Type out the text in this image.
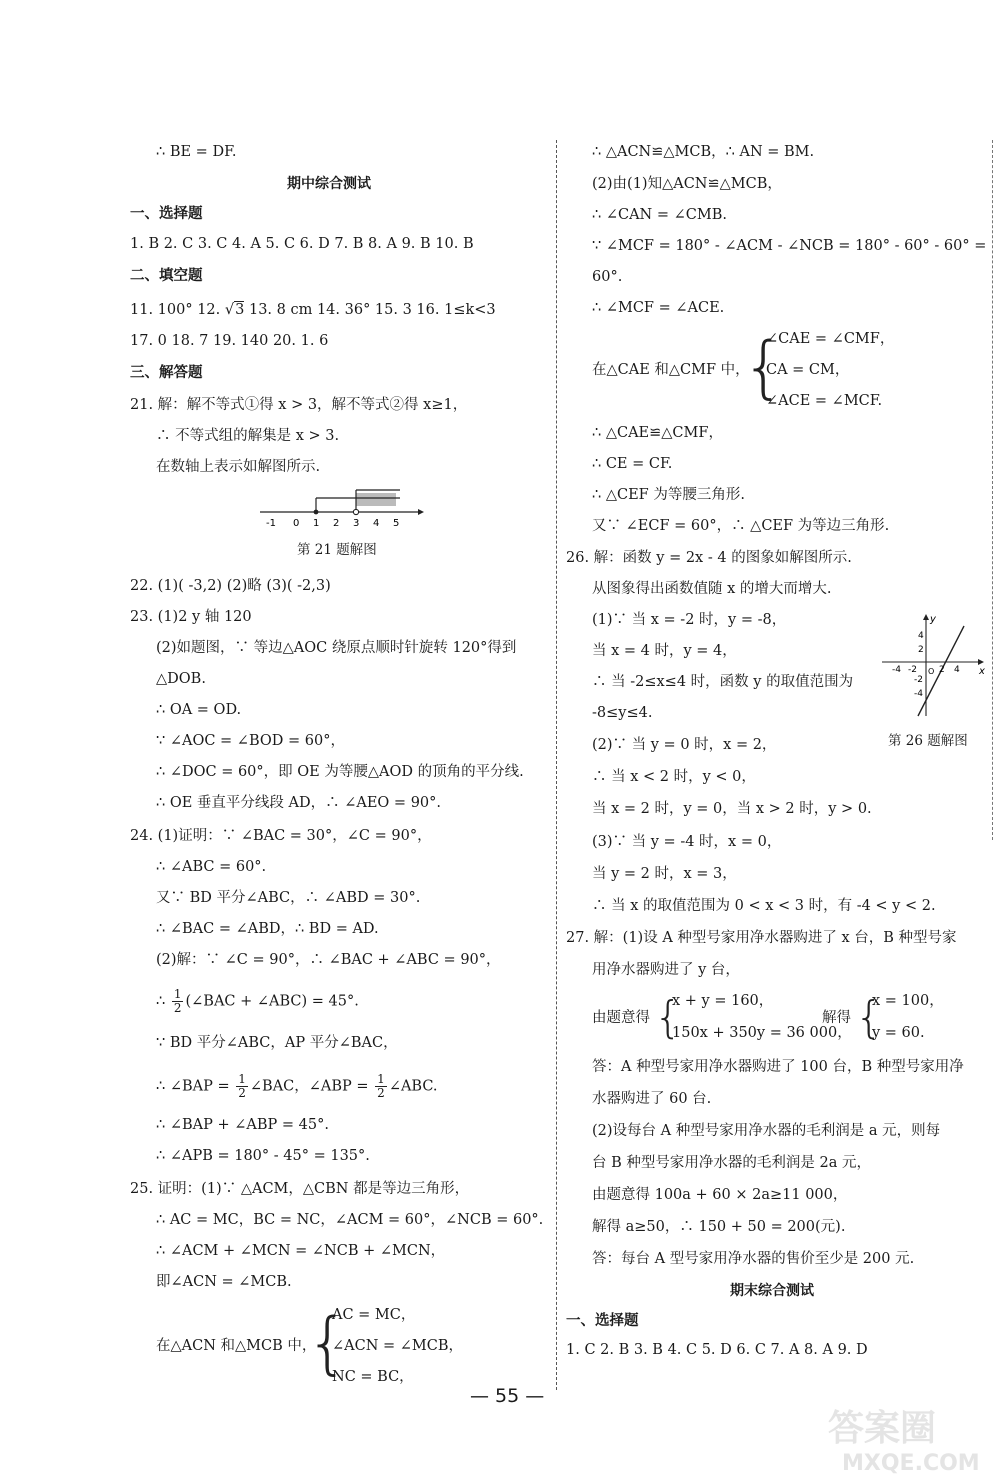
∴ BE = DF.
期中综合测试
一、选择题
1. B 2. C 3. C 4. A 5. C 6. D 7. B 8. A 9. B 10. B
二、填空题
11. 100° 12. √3 13. 8 cm 14. 36° 15. 3 16. 1≤k<3
17. 0 18. 7 19. 140 20. 1. 6
三、解答题
21. 解：解不等式①得 x > 3，解不等式②得 x≥1，
∴ 不等式组的解集是 x > 3.
在数轴上表示如解图所示.
-1 0 1 2 3 4 5
第 21 题解图
22. (1)( -3,2) (2)略 (3)( -2,3)
23. (1)2 y 轴 120
(2)如题图，∵ 等边△AOC 绕原点顺时针旋转 120°得到
△DOB.
∴ OA = OD.
∵ ∠AOC = ∠BOD = 60°，
∴ ∠DOC = 60°，即 OE 为等腰△AOD 的顶角的平分线.
∴ OE 垂直平分线段 AD，∴ ∠AEO = 90°.
24. (1)证明：∵ ∠BAC = 30°，∠C = 90°，
∴ ∠ABC = 60°.
又∵ BD 平分∠ABC，∴ ∠ABD = 30°.
∴ ∠BAC = ∠ABD，∴ BD = AD.
(2)解：∵ ∠C = 90°，∴ ∠BAC + ∠ABC = 90°，
∴ $\frac{1}{2}$ (∠BAC + ∠ABC) = 45°.
∵ BD 平分∠ABC，AP 平分∠BAC，
∴ ∠BAP = $\frac{1}{2}$ ∠BAC，∠ABP = $\frac{1}{2}$ ∠ABC.
∴ ∠BAP + ∠ABP = 45°.
∴ ∠APB = 180° - 45° = 135°.
25. 证明：(1)∵ △ACM，△CBN 都是等边三角形，
∴ AC = MC，BC = NC，∠ACM = 60°，∠NCB = 60°.
∴ ∠ACM + ∠MCN = ∠NCB + ∠MCN，
即∠ACN = ∠MCB.
在△ACN 和△MCB 中，
{
AC = MC，
∠ACN = ∠MCB，
NC = BC，
∴ △ACN≌△MCB，∴ AN = BM.
(2)由(1)知△ACN≌△MCB，
∴ ∠CAN = ∠CMB.
∵ ∠MCF = 180° - ∠ACM - ∠NCB = 180° - 60° - 60° =
60°.
∴ ∠MCF = ∠ACE.
在△CAE 和△CMF 中，
{
∠CAE = ∠CMF，
CA = CM，
∠ACE = ∠MCF.
∴ △CAE≌△CMF，
∴ CE = CF.
∴ △CEF 为等腰三角形.
又∵ ∠ECF = 60°，∴ △CEF 为等边三角形.
26. 解：函数 y = 2x - 4 的图象如解图所示.
从图象得出函数值随 x 的增大而增大.
(1)∵ 当 x = -2 时，y = -8，
当 x = 4 时，y = 4，
∴ 当 -2≤x≤4 时，函数 y 的取值范围为
-8≤y≤4.
x
y
-4 -2 2 4
4
2
-2
-4
O
第 26 题解图
(2)∵ 当 y = 0 时，x = 2，
∴ 当 x < 2 时，y < 0，
当 x = 2 时，y = 0，当 x > 2 时，y > 0.
(3)∵ 当 y = -4 时，x = 0，
当 y = 2 时，x = 3，
∴ 当 x 的取值范围为 0 < x < 3 时，有 -4 < y < 2.
27. 解：(1)设 A 种型号家用净水器购进了 x 台，B 种型号家
用净水器购进了 y 台，
由题意得 {
x + y = 160，
150x + 350y = 36 000，
解得 {
x = 100，
y = 60.
答：A 种型号家用净水器购进了 100 台，B 种型号家用净
水器购进了 60 台.
(2)设每台 A 种型号家用净水器的毛利润是 a 元，则每
台 B 种型号家用净水器的毛利润是 2a 元，
由题意得 100a + 60 × 2a≥11 000，
解得 a≥50，∴ 150 + 50 = 200(元).
答：每台 A 型号家用净水器的售价至少是 200 元.
期末综合测试
一、选择题
1. C 2. B 3. B 4. C 5. D 6. C 7. A 8. A 9. D
— 55 —
答案圈
MXQE.COM
